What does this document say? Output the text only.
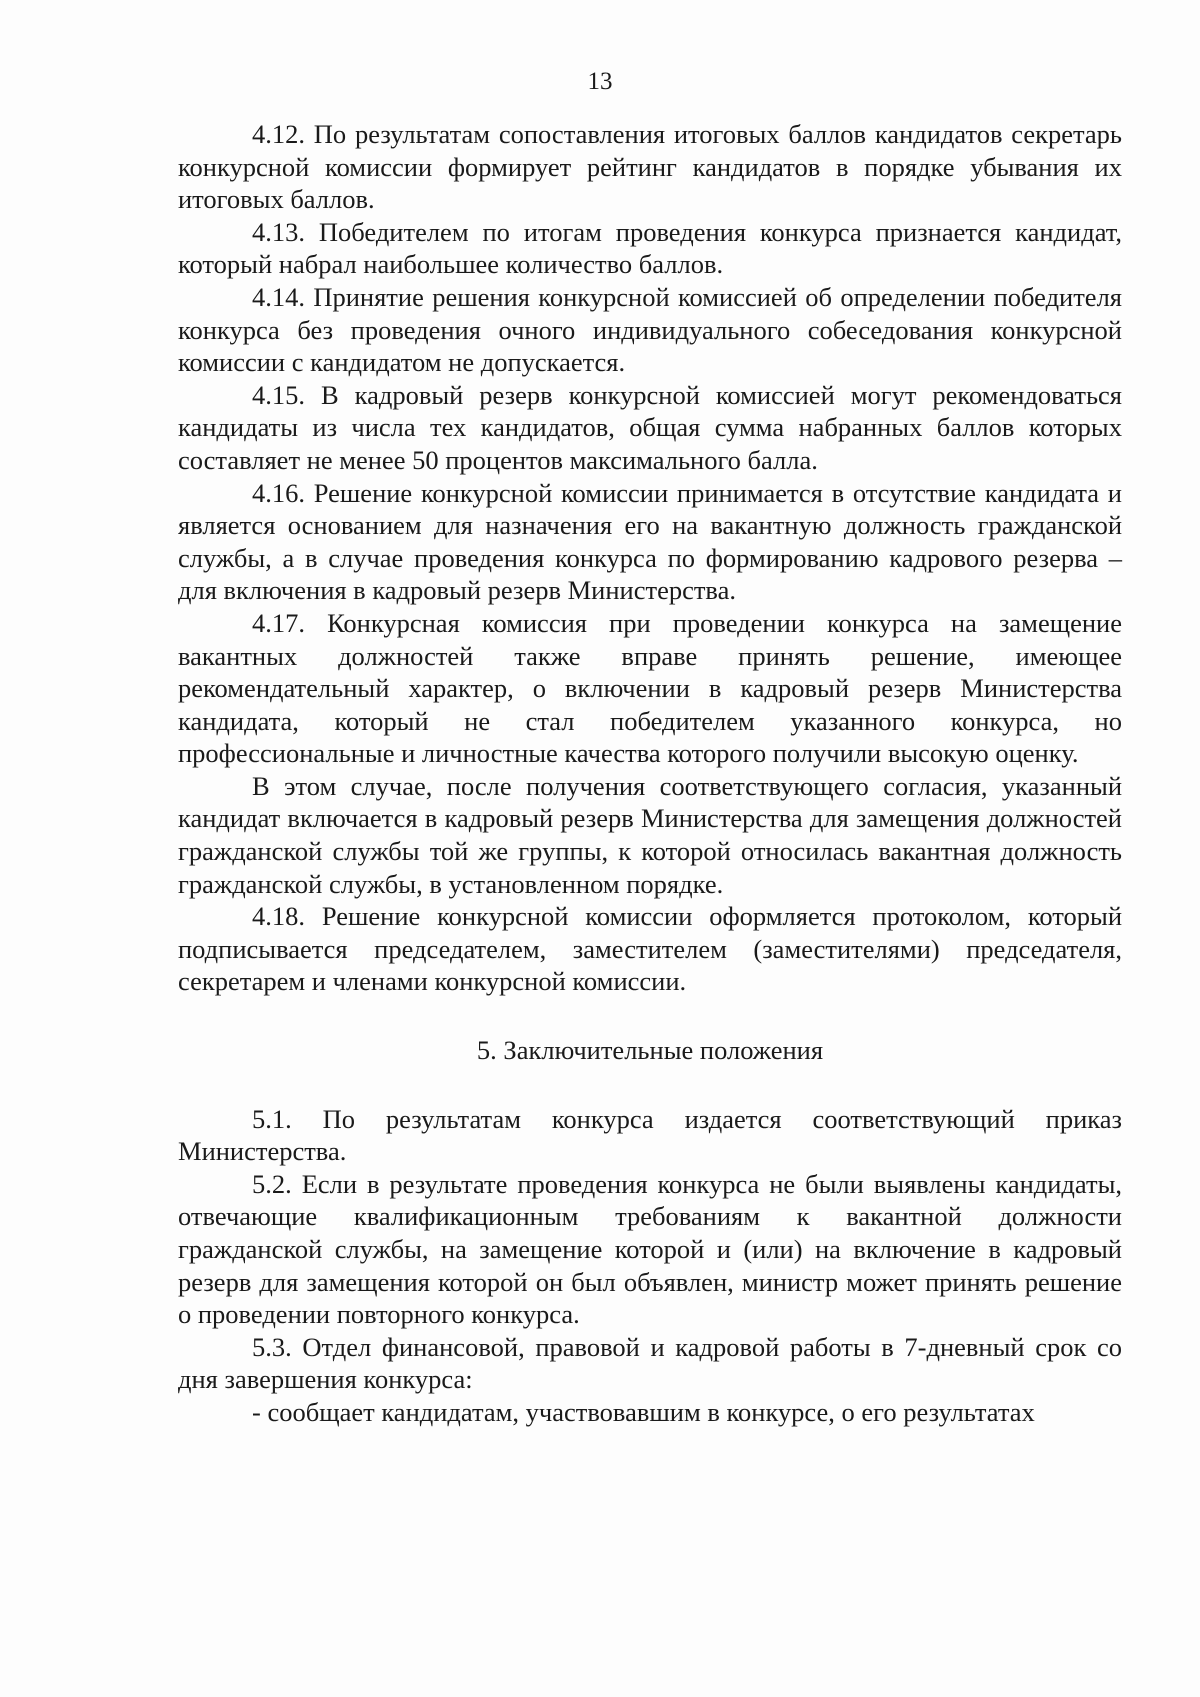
13

4.12. По результатам сопоставления итоговых баллов кандидатов секретарь конкурсной комиссии формирует рейтинг кандидатов в порядке убывания их итоговых баллов.

4.13. Победителем по итогам проведения конкурса признается кандидат, который набрал наибольшее количество баллов.

4.14. Принятие решения конкурсной комиссией об определении победителя конкурса без проведения очного индивидуального собеседования конкурсной комиссии с кандидатом не допускается.

4.15. В кадровый резерв конкурсной комиссией могут рекомендоваться кандидаты из числа тех кандидатов, общая сумма набранных баллов которых составляет не менее 50 процентов максимального балла.

4.16. Решение конкурсной комиссии принимается в отсутствие кандидата и является основанием для назначения его на вакантную должность гражданской службы, а в случае проведения конкурса по формированию кадрового резерва – для включения в кадровый резерв Министерства.

4.17. Конкурсная комиссия при проведении конкурса на замещение вакантных должностей также вправе принять решение, имеющее рекомендательный характер, о включении в кадровый резерв Министерства кандидата, который не стал победителем указанного конкурса, но профессиональные и личностные качества которого получили высокую оценку.

В этом случае, после получения соответствующего согласия, указанный кандидат включается в кадровый резерв Министерства для замещения должностей гражданской службы той же группы, к которой относилась вакантная должность гражданской службы, в установленном порядке.

4.18. Решение конкурсной комиссии оформляется протоколом, который подписывается председателем, заместителем (заместителями) председателя, секретарем и членами конкурсной комиссии.

5. Заключительные положения

5.1. По результатам конкурса издается соответствующий приказ Министерства.

5.2. Если в результате проведения конкурса не были выявлены кандидаты, отвечающие квалификационным требованиям к вакантной должности гражданской службы, на замещение которой и (или) на включение в кадровый резерв для замещения которой он был объявлен, министр может принять решение о проведении повторного конкурса.

5.3. Отдел финансовой, правовой и кадровой работы в 7-дневный срок со дня завершения конкурса:

- сообщает кандидатам, участвовавшим в конкурсе, о его результатах
